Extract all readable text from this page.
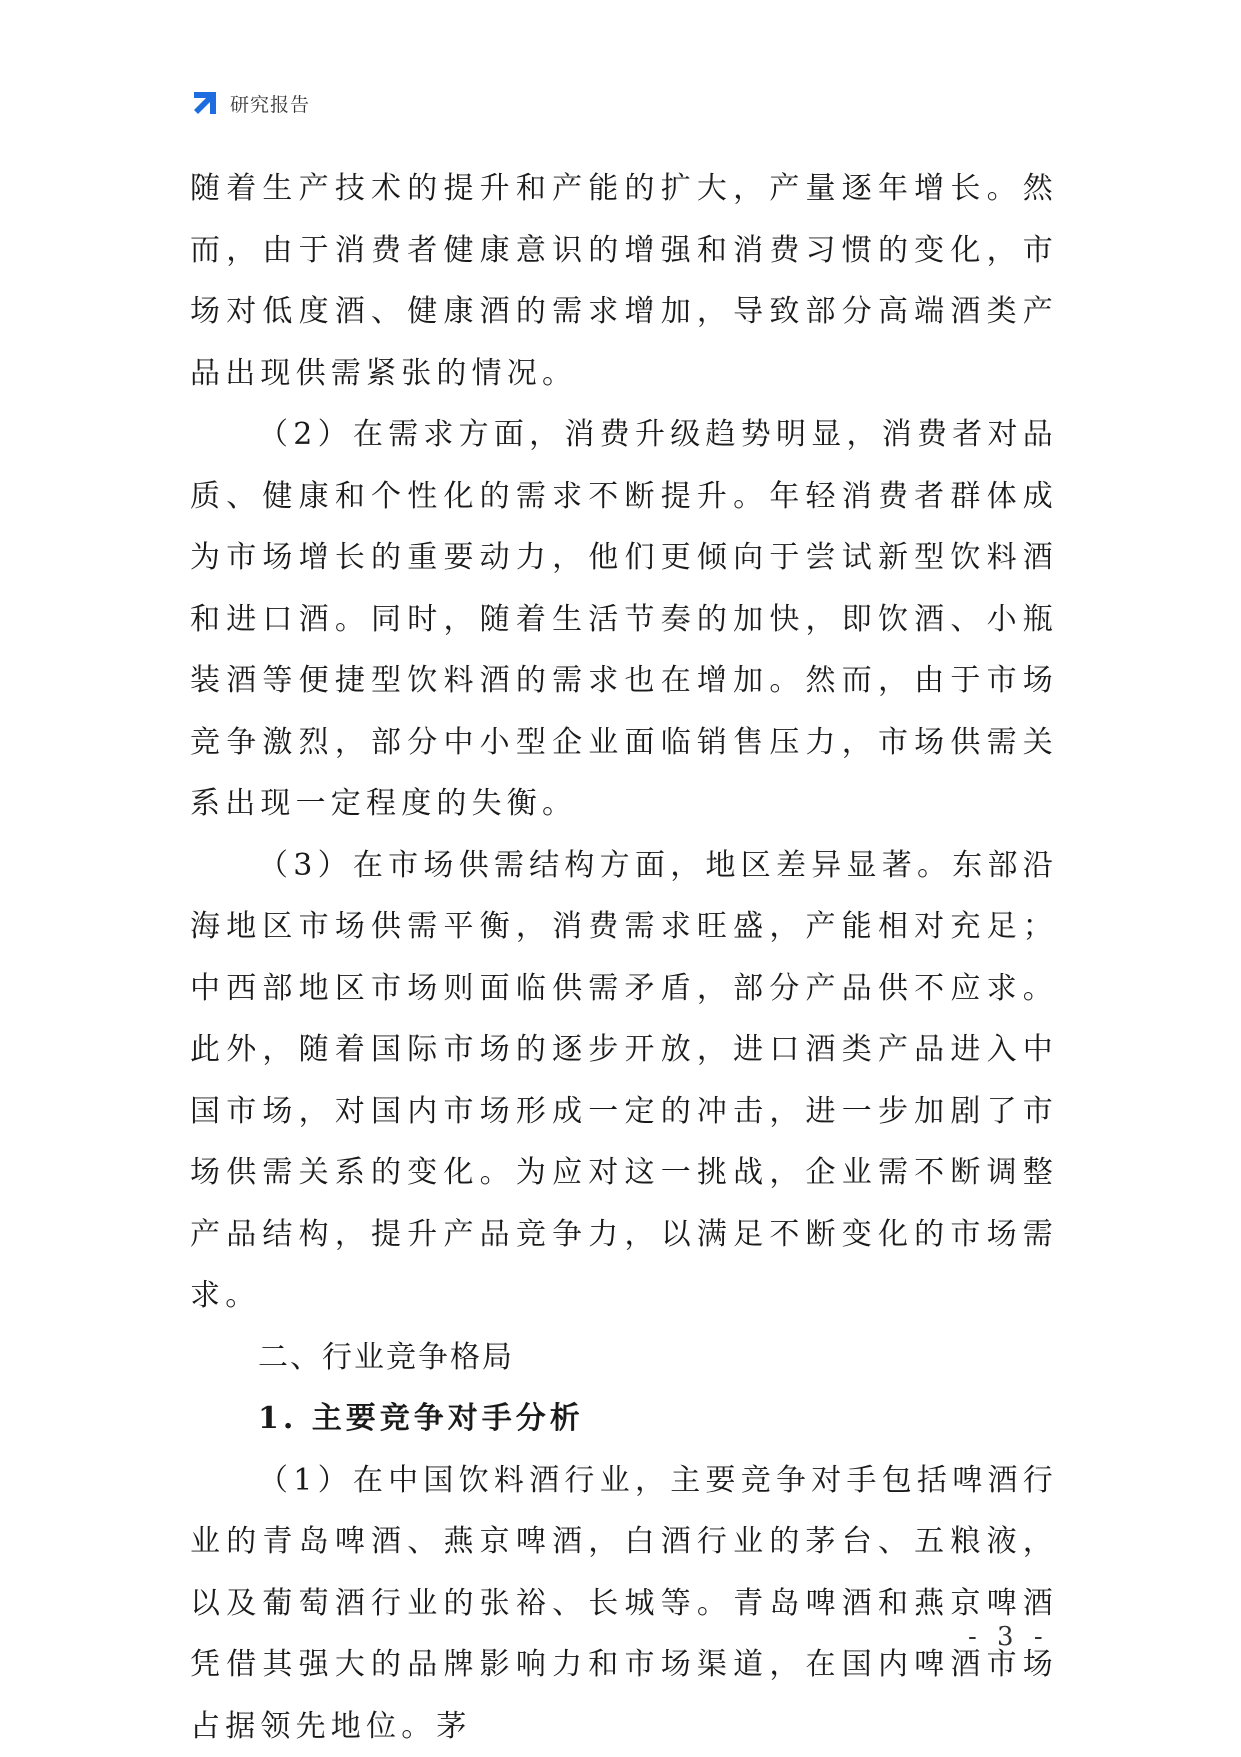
研究报告

随着生产技术的提升和产能的扩大，产量逐年增长。然而，由于消费者健康意识的增强和消费习惯的变化，市场对低度酒、健康酒的需求增加，导致部分高端酒类产品出现供需紧张的情况。

（2）在需求方面，消费升级趋势明显，消费者对品质、健康和个性化的需求不断提升。年轻消费者群体成为市场增长的重要动力，他们更倾向于尝试新型饮料酒和进口酒。同时，随着生活节奏的加快，即饮酒、小瓶装酒等便捷型饮料酒的需求也在增加。然而，由于市场竞争激烈，部分中小型企业面临销售压力，市场供需关系出现一定程度的失衡。

（3）在市场供需结构方面，地区差异显著。东部沿海地区市场供需平衡，消费需求旺盛，产能相对充足；中西部地区市场则面临供需矛盾，部分产品供不应求。此外，随着国际市场的逐步开放，进口酒类产品进入中国市场，对国内市场形成一定的冲击，进一步加剧了市场供需关系的变化。为应对这一挑战，企业需不断调整产品结构，提升产品竞争力，以满足不断变化的市场需求。

二、行业竞争格局
1. 主要竞争对手分析

（1）在中国饮料酒行业，主要竞争对手包括啤酒行业的青岛啤酒、燕京啤酒，白酒行业的茅台、五粮液，以及葡萄酒行业的张裕、长城等。青岛啤酒和燕京啤酒凭借其强大的品牌影响力和市场渠道，在国内啤酒市场占据领先地位。茅

- 3 -
